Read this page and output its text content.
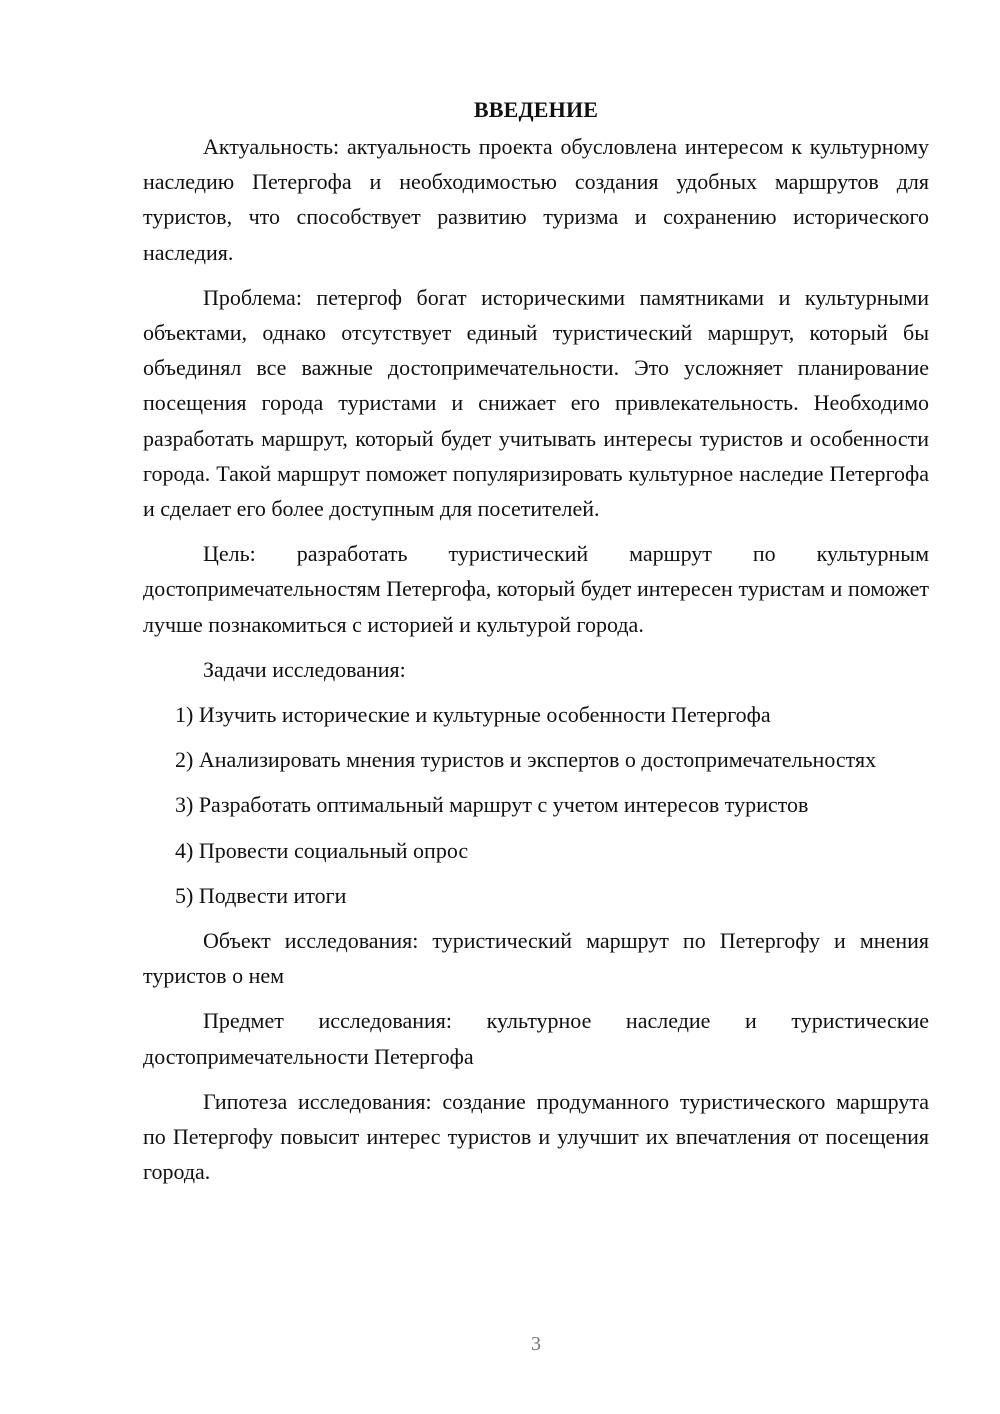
ВВЕДЕНИЕ

Актуальность: актуальность проекта обусловлена интересом к культурному наследию Петергофа и необходимостью создания удобных маршрутов для туристов, что способствует развитию туризма и сохранению исторического наследия.

Проблема: петергоф богат историческими памятниками и культурными объектами, однако отсутствует единый туристический маршрут, который бы объединял все важные достопримечательности. Это усложняет планирование посещения города туристами и снижает его привлекательность. Необходимо разработать маршрут, который будет учитывать интересы туристов и особенности города. Такой маршрут поможет популяризировать культурное наследие Петергофа и сделает его более доступным для посетителей.

Цель: разработать туристический маршрут по культурным достопримечательностям Петергофа, который будет интересен туристам и поможет лучше познакомиться с историей и культурой города.

Задачи исследования:

1) Изучить исторические и культурные особенности Петергофа

2) Анализировать мнения туристов и экспертов о достопримечательностях

3) Разработать оптимальный маршрут с учетом интересов туристов

4) Провести социальный опрос

5) Подвести итоги

Объект исследования: туристический маршрут по Петергофу и мнения туристов о нем

Предмет исследования: культурное наследие и туристические достопримечательности Петергофа

Гипотеза исследования: создание продуманного туристического маршрута по Петергофу повысит интерес туристов и улучшит их впечатления от посещения города.

3
